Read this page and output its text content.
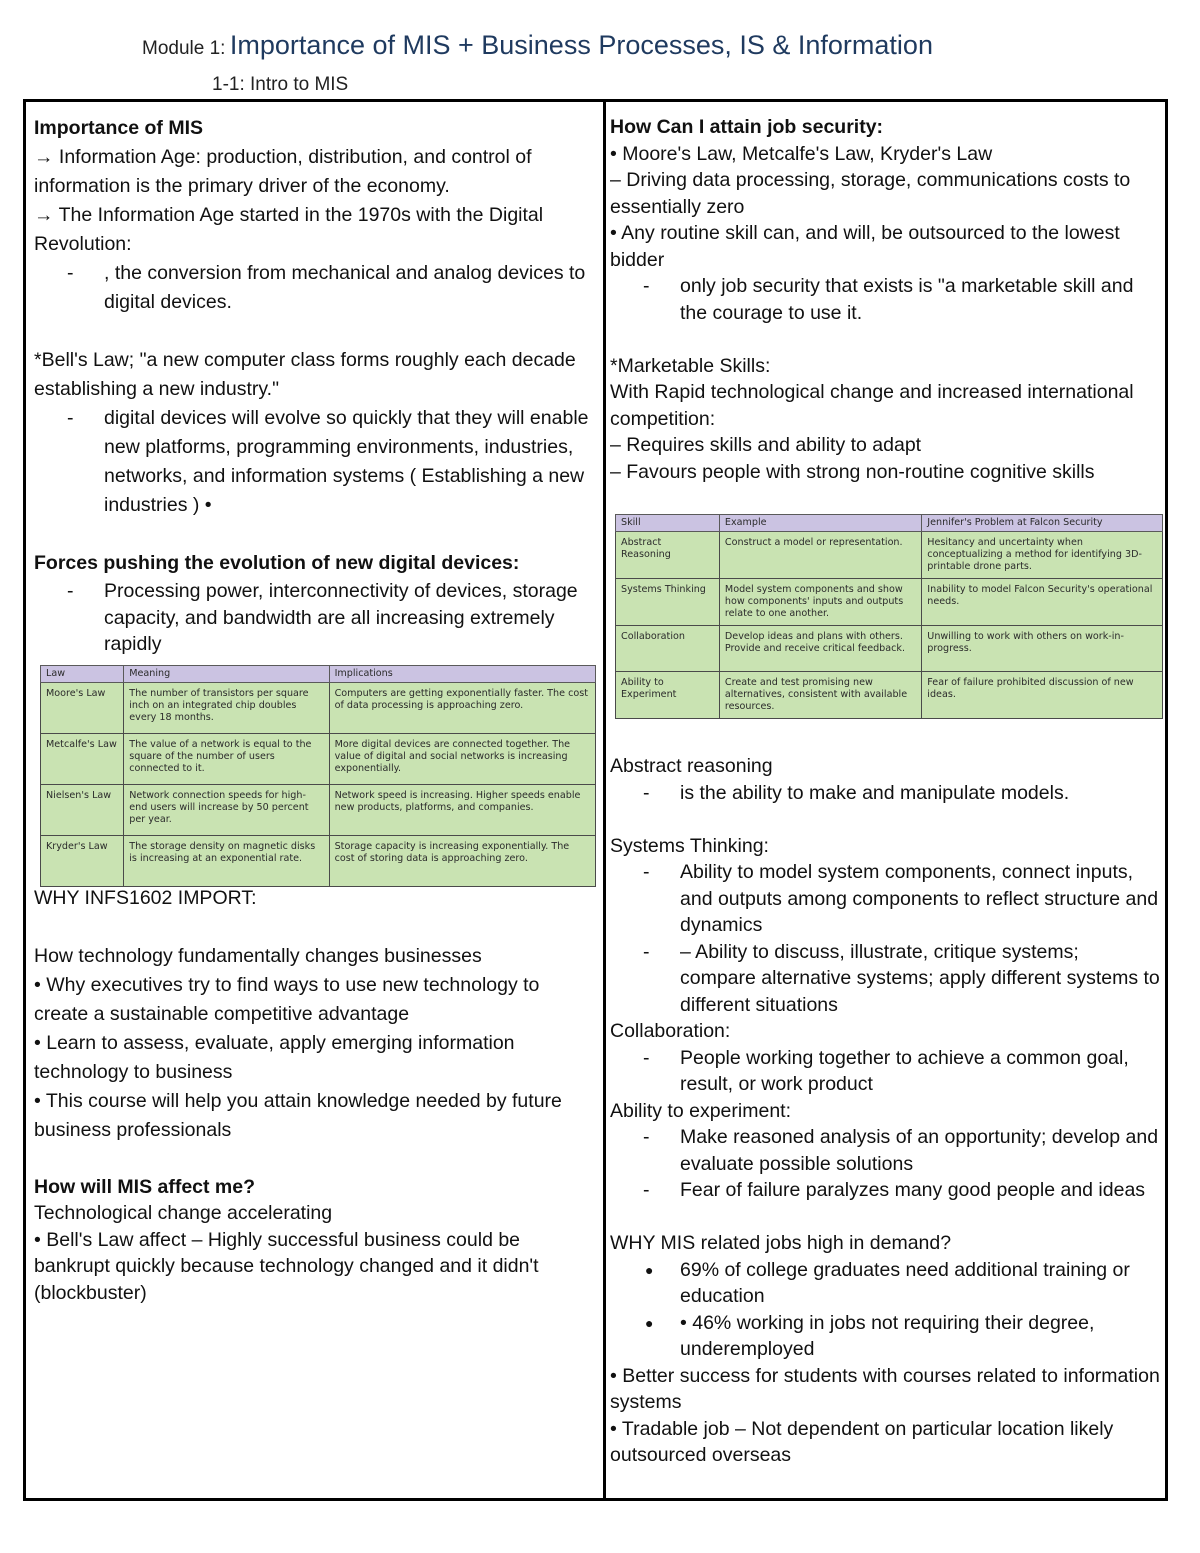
Module 1: Importance of MIS + Business Processes, IS & Information
1-1: Intro to MIS

Importance of MIS

→ Information Age: production, distribution, and control of information is the primary driver of the economy.

→ The Information Age started in the 1970s with the Digital Revolution:

- , the conversion from mechanical and analog devices to digital devices.

*Bell's Law; "a new computer class forms roughly each decade establishing a new industry."

- digital devices will evolve so quickly that they will enable new platforms, programming environments, industries, networks, and information systems ( Establishing a new industries ) •

Forces pushing the evolution of new digital devices:

- Processing power, interconnectivity of devices, storage capacity, and bandwidth are all increasing extremely rapidly

WHY INFS1602 IMPORT:

How technology fundamentally changes businesses

• Why executives try to find ways to use new technology to create a sustainable competitive advantage

• Learn to assess, evaluate, apply emerging information technology to business

• This course will help you attain knowledge needed by future business professionals

How will MIS affect me?

Technological change accelerating

• Bell's Law affect – Highly successful business could be bankrupt quickly because technology changed and it didn't (blockbuster)

Law	Meaning	Implications
Moore's Law	The number of transistors per square inch on an integrated chip doubles every 18 months.	Computers are getting exponentially faster. The cost of data processing is approaching zero.
Metcalfe's Law	The value of a network is equal to the square of the number of users connected to it.	More digital devices are connected together. The value of digital and social networks is increasing exponentially.
Nielsen's Law	Network connection speeds for high-end users will increase by 50 percent per year.	Network speed is increasing. Higher speeds enable new products, platforms, and companies.
Kryder's Law	The storage density on magnetic disks is increasing at an exponential rate.	Storage capacity is increasing exponentially. The cost of storing data is approaching zero.

How Can I attain job security:

• Moore's Law, Metcalfe's Law, Kryder's Law

– Driving data processing, storage, communications costs to essentially zero

• Any routine skill can, and will, be outsourced to the lowest bidder

- only job security that exists is "a marketable skill and the courage to use it.

*Marketable Skills:

With Rapid technological change and increased international competition:

– Requires skills and ability to adapt

– Favours people with strong non-routine cognitive skills

Abstract reasoning

- is the ability to make and manipulate models.

Systems Thinking:

- Ability to model system components, connect inputs, and outputs among components to reflect structure and dynamics

- – Ability to discuss, illustrate, critique systems; compare alternative systems; apply different systems to different situations

Collaboration:

- People working together to achieve a common goal, result, or work product

Ability to experiment:

- Make reasoned analysis of an opportunity; develop and evaluate possible solutions

- Fear of failure paralyzes many good people and ideas

WHY MIS related jobs high in demand?

● 69% of college graduates need additional training or education

● • 46% working in jobs not requiring their degree, underemployed

• Better success for students with courses related to information systems

• Tradable job – Not dependent on particular location likely outsourced overseas

Skill	Example	Jennifer's Problem at Falcon Security
Abstract Reasoning	Construct a model or representation.	Hesitancy and uncertainty when conceptualizing a method for identifying 3D-printable drone parts.
Systems Thinking	Model system components and show how components' inputs and outputs relate to one another.	Inability to model Falcon Security's operational needs.
Collaboration	Develop ideas and plans with others. Provide and receive critical feedback.	Unwilling to work with others on work-in-progress.
Ability to Experiment	Create and test promising new alternatives, consistent with available resources.	Fear of failure prohibited discussion of new ideas.
